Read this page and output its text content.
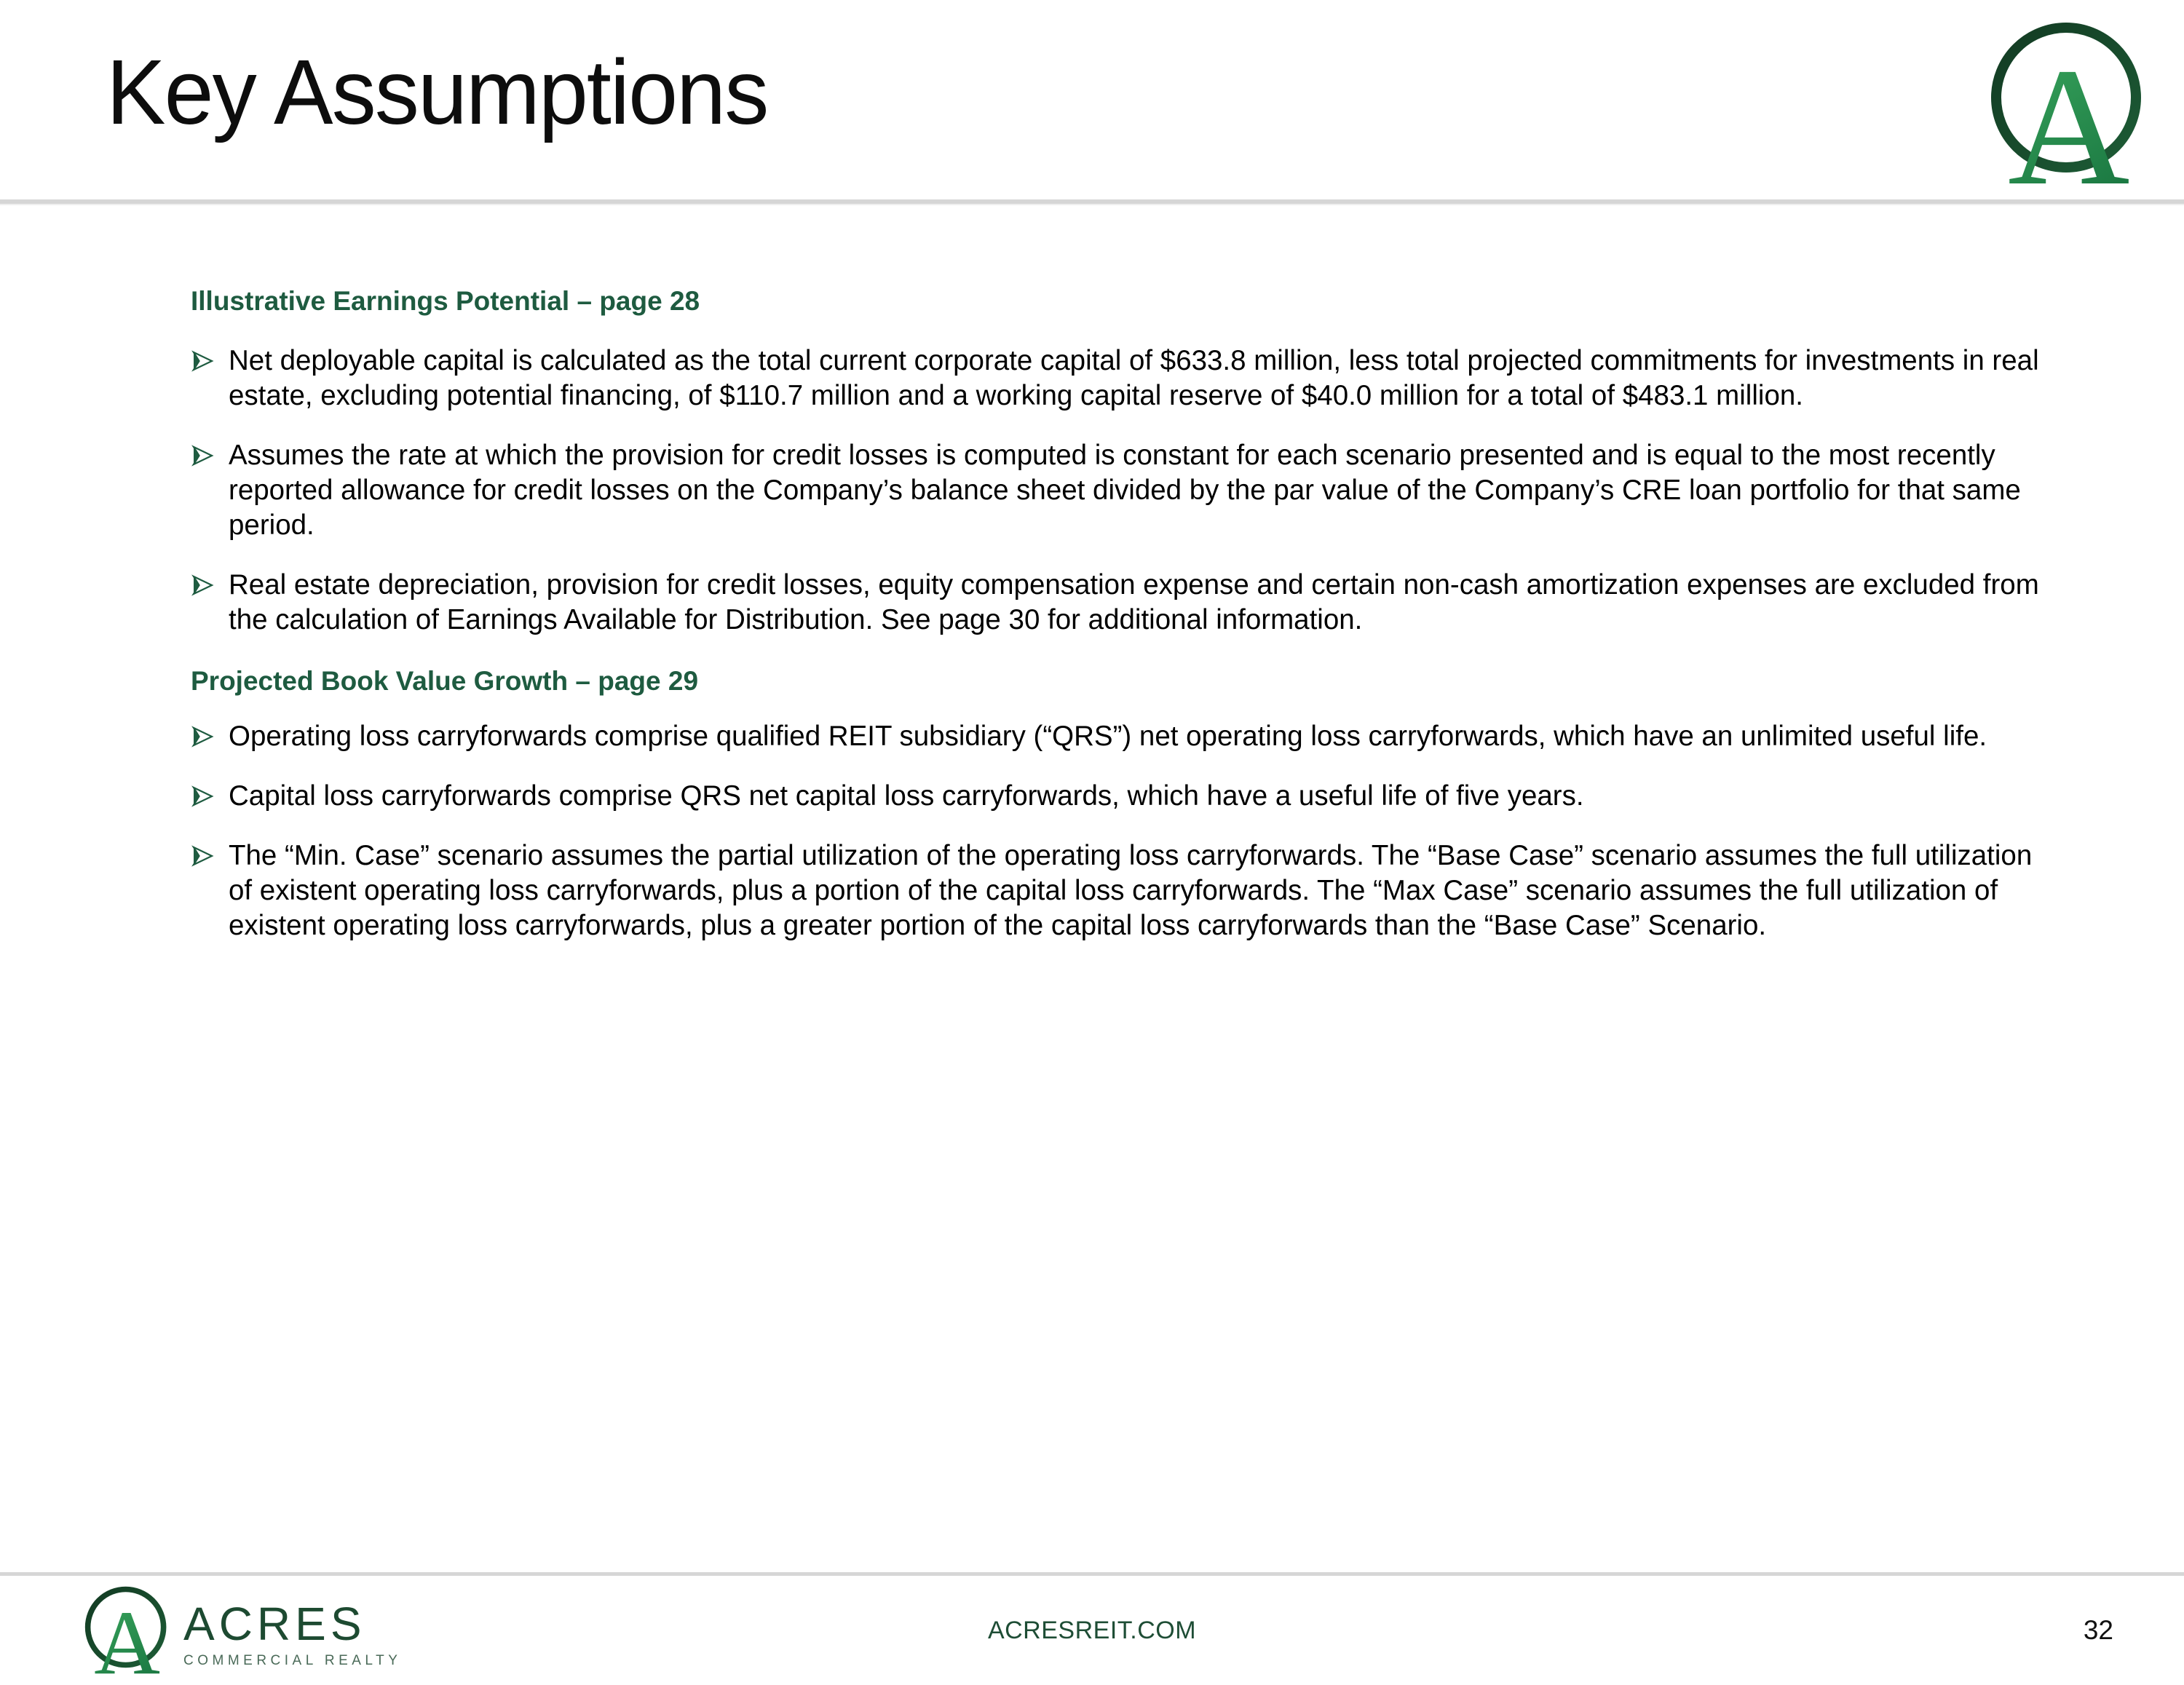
Key Assumptions	A
Illustrative Earnings Potential – page 28
Net deployable capital is calculated as the total current corporate capital of $633.8 million, less total projected commitments for investments in real estate, excluding potential financing, of $110.7 million and a working capital reserve of $40.0 million for a total of $483.1 million.
Assumes the rate at which the provision for credit losses is computed is constant for each scenario presented and is equal to the most recently reported allowance for credit losses on the Company’s balance sheet divided by the par value of the Company’s CRE loan portfolio for that same period.
Real estate depreciation, provision for credit losses, equity compensation expense and certain non-cash amortization expenses are excluded from the calculation of Earnings Available for Distribution. See page 30 for additional information.
Projected Book Value Growth – page 29
Operating loss carryforwards comprise qualified REIT subsidiary (“QRS”) net operating loss carryforwards, which have an unlimited useful life.
Capital loss carryforwards comprise QRS net capital loss carryforwards, which have a useful life of five years.
The “Min. Case” scenario assumes the partial utilization of the operating loss carryforwards. The “Base Case” scenario assumes the full utilization of existent operating loss carryforwards, plus a portion of the capital loss carryforwards. The “Max Case” scenario assumes the full utilization of existent operating loss carryforwards, plus a greater portion of the capital loss carryforwards than the “Base Case” Scenario.
A ACRES
COMMERCIAL REALTY
ACRESREIT.COM	32
